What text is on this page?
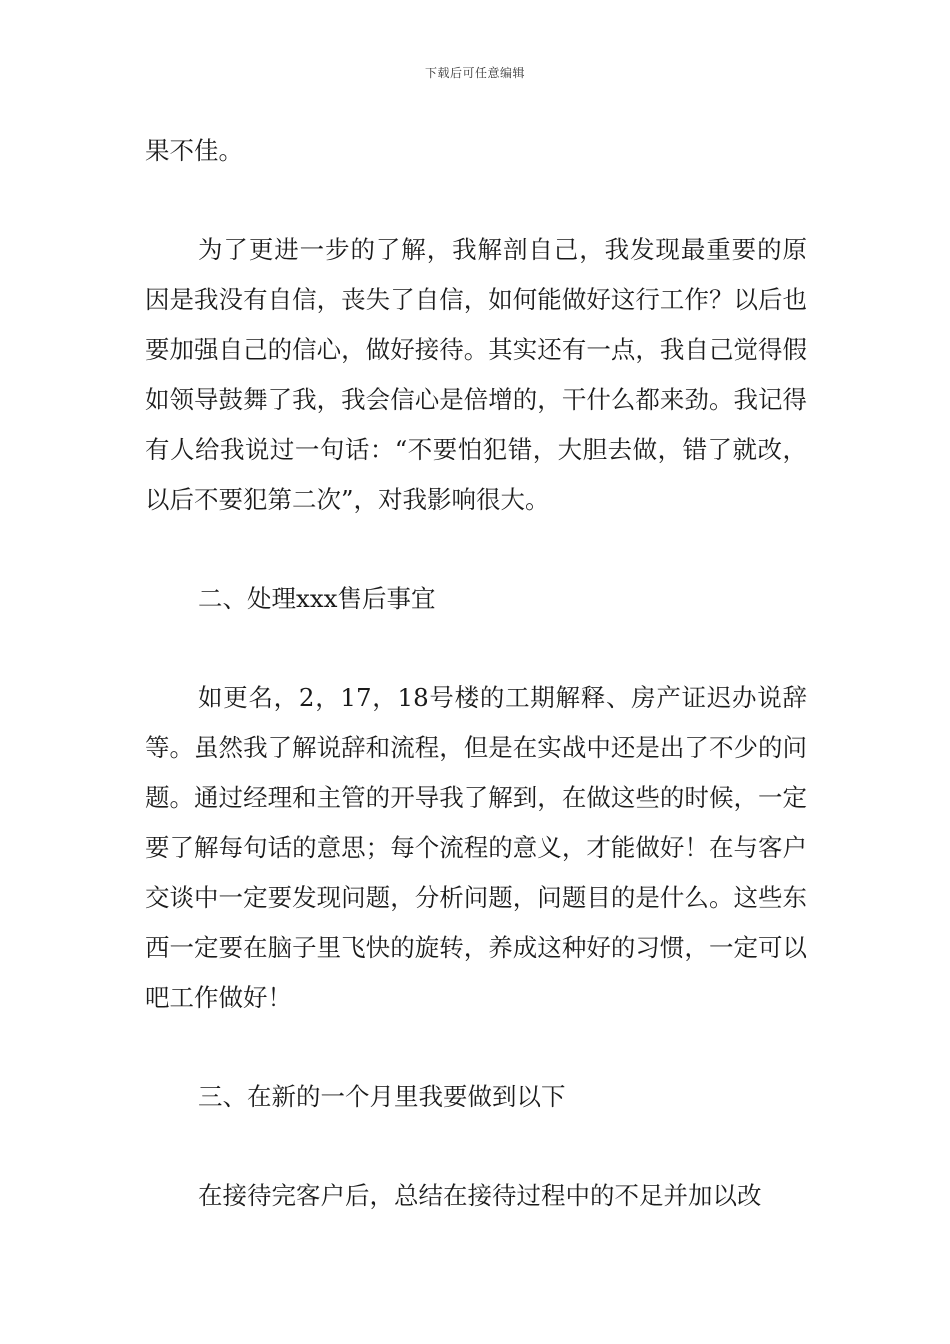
下载后可任意编辑

果不佳。

为了更进一步的了解，我解剖自己，我发现最重要的原因是我没有自信，丧失了自信，如何能做好这行工作？以后也要加强自己的信心，做好接待。其实还有一点，我自己觉得假如领导鼓舞了我，我会信心是倍增的，干什么都来劲。我记得有人给我说过一句话：“不要怕犯错，大胆去做，错了就改，以后不要犯第二次”，对我影响很大。

二、处理xxx售后事宜

如更名，2，17，18号楼的工期解释、房产证迟办说辞等。虽然我了解说辞和流程，但是在实战中还是出了不少的问题。通过经理和主管的开导我了解到，在做这些的时候，一定要了解每句话的意思；每个流程的意义，才能做好！在与客户交谈中一定要发现问题，分析问题，问题目的是什么。这些东西一定要在脑子里飞快的旋转，养成这种好的习惯，一定可以吧工作做好！

三、在新的一个月里我要做到以下

在接待完客户后，总结在接待过程中的不足并加以改
